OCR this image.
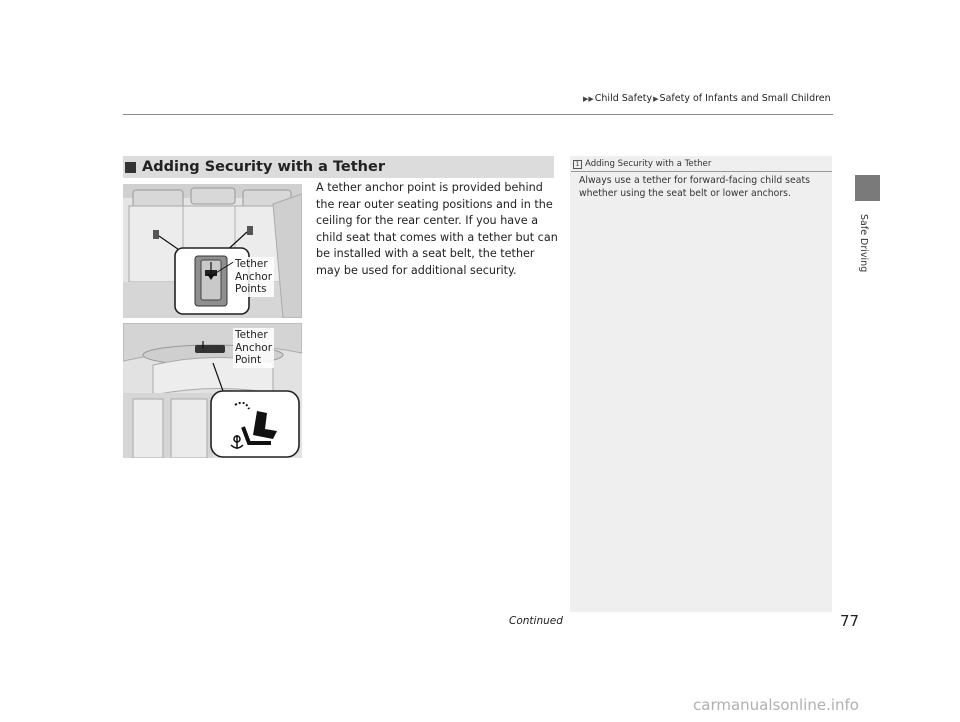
▶▶ Child Safety ▶ Safety of Infants and Small Children
Safe Driving
Adding Security with a Tether
Tether
Anchor
Points
Tether
Anchor
Point
A tether anchor point is provided behind the rear outer seating positions and in the ceiling for the rear center. If you have a child seat that comes with a tether but can be installed with a seat belt, the tether may be used for additional security.
1 Adding Security with a Tether
Always use a tether for forward-facing child seats whether using the seat belt or lower anchors.
Continued	77
carmanualsonline.info
